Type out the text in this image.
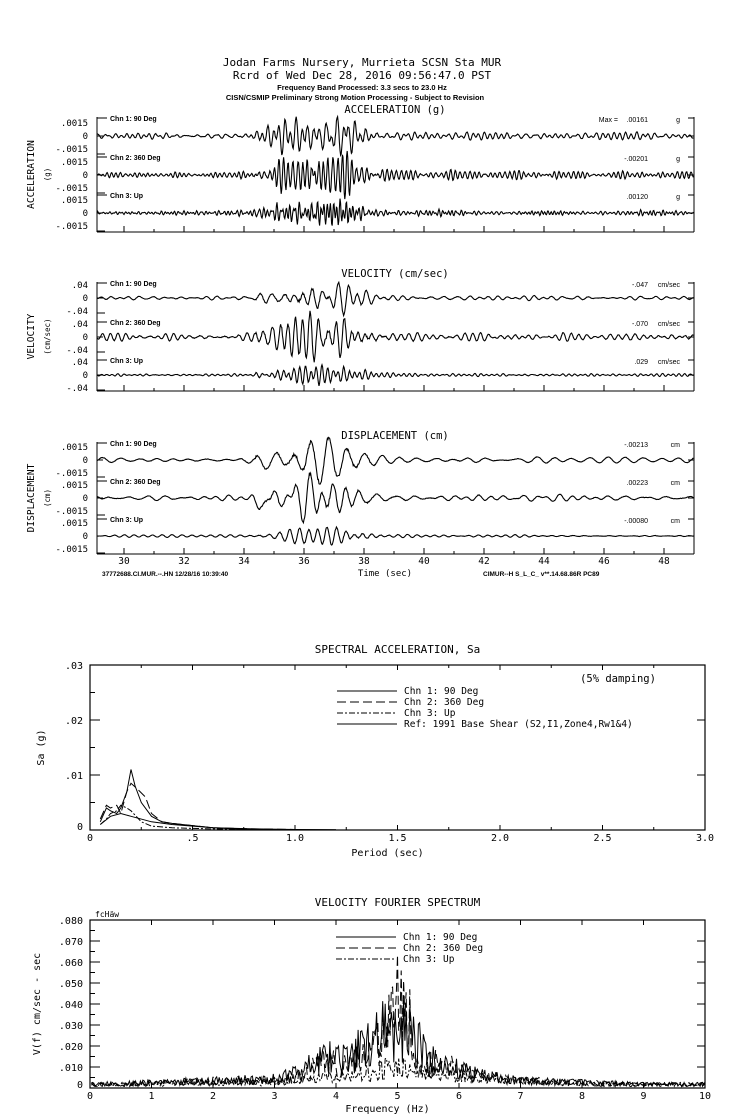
Jodan Farms Nursery, Murrieta SCSN Sta MUR
Rcrd of Wed Dec 28, 2016 09:56:47.0 PST
Frequency Band Processed: 3.3 secs to 23.0 Hz
CISN/CSMIP Preliminary Strong Motion Processing - Subject to Revision
ACCELERATION (g)
ACCELERATION (g)
.0015
0
-.0015
Chn 1: 90 Deg	.00161	g
Max =
.0015
0
-.0015
Chn 2: 360 Deg	-.00201	g
.0015
0
-.0015
Chn 3: Up	.00120	g
VELOCITY (cm/sec)
VELOCITY (cm/sec)
.04
0
-.04
Chn 1: 90 Deg	-.047 cm/sec
.04
0
-.04
Chn 2: 360 Deg	-.070 cm/sec
.04
0
-.04
Chn 3: Up	.029 cm/sec
DISPLACEMENT (cm)
DISPLACEMENT (cm)
.0015
0
-.0015
Chn 1: 90 Deg	-.00213	cm
.0015
0
-.0015
Chn 2: 360 Deg	.00223	cm
.0015
0
-.0015
Chn 3: Up	-.00080	cm
30	32	34	36	38	40	42	44	46	48
Time (sec)
37772688.CI.MUR.--.HN 12/28/16 10:39:40	CIMUR--H S_L_C_ v**.14.68.86R PC89
SPECTRAL ACCELERATION, Sa
0	.5	1.0	1.5	2.0	2.5	3.0
0
.01
.02
.03
Period (sec)
Sa (g)
Chn 1: 90 Deg
Chn 2: 360 Deg
Chn 3: Up
Ref: 1991 Base Shear (S2,I1,Zone4,Rw1&4)
(5% damping)
VELOCITY FOURIER SPECTRUM
0	1	2	3	4	5	6	7	8	9	10
0
.010
.020
.030
.040
.050
.060
.070
.080
Frequency (Hz)
V(f) cm/sec - sec
Chn 1: 90 Deg
Chn 2: 360 Deg
Chn 3: Up
fcHäw
